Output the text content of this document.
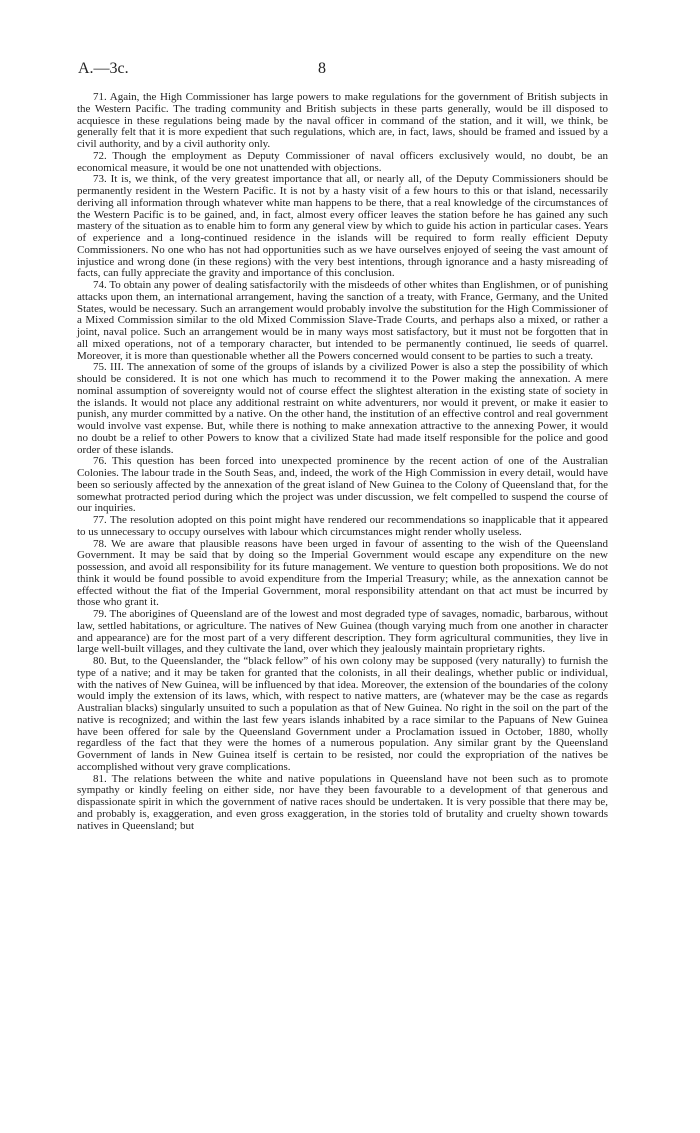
A.—3c.	8

71. Again, the High Commissioner has large powers to make regulations for the government of British subjects in the Western Pacific. The trading community and British subjects in these parts generally, would be ill disposed to acquiesce in these regulations being made by the naval officer in command of the station, and it will, we think, be generally felt that it is more expedient that such regulations, which are, in fact, laws, should be framed and issued by a civil authority, and by a civil authority only.

72. Though the employment as Deputy Commissioner of naval officers exclusively would, no doubt, be an economical measure, it would be one not unattended with objections.

73. It is, we think, of the very greatest importance that all, or nearly all, of the Deputy Commissioners should be permanently resident in the Western Pacific. It is not by a hasty visit of a few hours to this or that island, necessarily deriving all information through whatever white man happens to be there, that a real knowledge of the circumstances of the Western Pacific is to be gained, and, in fact, almost every officer leaves the station before he has gained any such mastery of the situation as to enable him to form any general view by which to guide his action in particular cases. Years of experience and a long-continued residence in the islands will be required to form really efficient Deputy Commissioners. No one who has not had opportunities such as we have ourselves enjoyed of seeing the vast amount of injustice and wrong done (in these regions) with the very best intentions, through ignorance and a hasty misreading of facts, can fully appreciate the gravity and importance of this conclusion.

74. To obtain any power of dealing satisfactorily with the misdeeds of other whites than Englishmen, or of punishing attacks upon them, an international arrangement, having the sanction of a treaty, with France, Germany, and the United States, would be necessary. Such an arrangement would probably involve the substitution for the High Commissioner of a Mixed Commission similar to the old Mixed Commission Slave-Trade Courts, and perhaps also a mixed, or rather a joint, naval police. Such an arrangement would be in many ways most satisfactory, but it must not be forgotten that in all mixed operations, not of a temporary character, but intended to be permanently continued, lie seeds of quarrel. Moreover, it is more than questionable whether all the Powers concerned would consent to be parties to such a treaty.

75. III. The annexation of some of the groups of islands by a civilized Power is also a step the possibility of which should be considered. It is not one which has much to recommend it to the Power making the annexation. A mere nominal assumption of sovereignty would not of course effect the slightest alteration in the existing state of society in the islands. It would not place any additional restraint on white adventurers, nor would it prevent, or make it easier to punish, any murder committed by a native. On the other hand, the institution of an effective control and real government would involve vast expense. But, while there is nothing to make annexation attractive to the annexing Power, it would no doubt be a relief to other Powers to know that a civilized State had made itself responsible for the police and good order of these islands.

76. This question has been forced into unexpected prominence by the recent action of one of the Australian Colonies. The labour trade in the South Seas, and, indeed, the work of the High Commission in every detail, would have been so seriously affected by the annexation of the great island of New Guinea to the Colony of Queensland that, for the somewhat protracted period during which the project was under discussion, we felt compelled to suspend the course of our inquiries.

77. The resolution adopted on this point might have rendered our recommendations so inapplicable that it appeared to us unnecessary to occupy ourselves with labour which circumstances might render wholly useless.

78. We are aware that plausible reasons have been urged in favour of assenting to the wish of the Queensland Government. It may be said that by doing so the Imperial Government would escape any expenditure on the new possession, and avoid all responsibility for its future management. We venture to question both propositions. We do not think it would be found possible to avoid expenditure from the Imperial Treasury; while, as the annexation cannot be effected without the fiat of the Imperial Government, moral responsibility attendant on that act must be incurred by those who grant it.

79. The aborigines of Queensland are of the lowest and most degraded type of savages, nomadic, barbarous, without law, settled habitations, or agriculture. The natives of New Guinea (though varying much from one another in character and appearance) are for the most part of a very different description. They form agricultural communities, they live in large well-built villages, and they cultivate the land, over which they jealously maintain proprietary rights.

80. But, to the Queenslander, the “black fellow” of his own colony may be supposed (very naturally) to furnish the type of a native; and it may be taken for granted that the colonists, in all their dealings, whether public or individual, with the natives of New Guinea, will be influenced by that idea. Moreover, the extension of the boundaries of the colony would imply the extension of its laws, which, with respect to native matters, are (whatever may be the case as regards Australian blacks) singularly unsuited to such a population as that of New Guinea. No right in the soil on the part of the native is recognized; and within the last few years islands inhabited by a race similar to the Papuans of New Guinea have been offered for sale by the Queensland Government under a Proclamation issued in October, 1880, wholly regardless of the fact that they were the homes of a numerous population. Any similar grant by the Queensland Government of lands in New Guinea itself is certain to be resisted, nor could the expropriation of the natives be accomplished without very grave complications.

81. The relations between the white and native populations in Queensland have not been such as to promote sympathy or kindly feeling on either side, nor have they been favourable to a development of that generous and dispassionate spirit in which the government of native races should be undertaken. It is very possible that there may be, and probably is, exaggeration, and even gross exaggeration, in the stories told of brutality and cruelty shown towards natives in Queensland; but
